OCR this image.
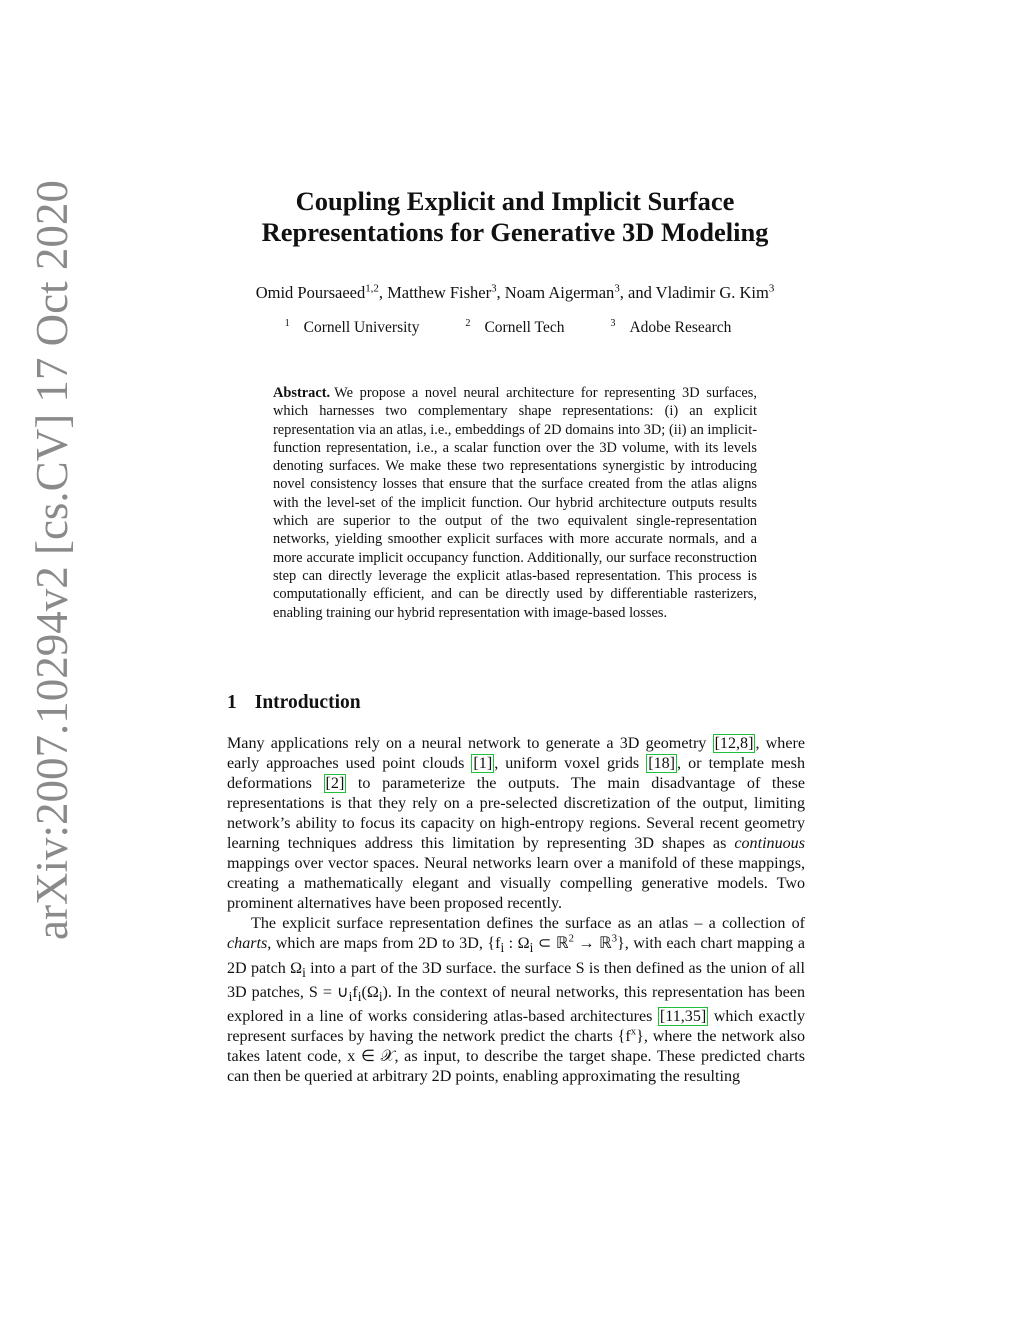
arXiv:2007.10294v2 [cs.CV] 17 Oct 2020	Coupling Explicit and Implicit Surface
Representations for Generative 3D Modeling
Omid Poursaeed$^{1,2}$, Matthew Fisher$^3$, Noam Aigerman$^3$, and Vladimir G. Kim$^3$
$^1$ Cornell University	$^2$ Cornell Tech	$^3$ Adobe Research
Abstract. We propose a novel neural architecture for representing 3D surfaces, which harnesses two complementary shape representations: (i) an explicit representation via an atlas, i.e., embeddings of 2D domains into 3D; (ii) an implicit-function representation, i.e., a scalar function over the 3D volume, with its levels denoting surfaces. We make these two representations synergistic by introducing novel consistency losses that ensure that the surface created from the atlas aligns with the level-set of the implicit function. Our hybrid architecture outputs results which are superior to the output of the two equivalent single-representation networks, yielding smoother explicit surfaces with more accurate normals, and a more accurate implicit occupancy function. Additionally, our surface reconstruction step can directly leverage the explicit atlas-based representation. This process is computationally efficient, and can be directly used by differentiable rasterizers, enabling training our hybrid representation with image-based losses.
1 Introduction

Many applications rely on a neural network to generate a 3D geometry [12,8] , where early approaches used point clouds [1] , uniform voxel grids [18] , or template mesh deformations [2] to parameterize the outputs. The main disadvantage of these representations is that they rely on a pre-selected discretization of the output, limiting network’s ability to focus its capacity on high-entropy regions. Several recent geometry learning techniques address this limitation by representing 3D shapes as continuous mappings over vector spaces. Neural networks learn over a manifold of these mappings, creating a mathematically elegant and visually compelling generative models. Two prominent alternatives have been proposed recently.

The explicit surface representation defines the surface as an atlas – a collection of charts, which are maps from 2D to 3D, {$f_i$ : $\Omega_i$ ⊂ ℝ$^2$ → ℝ$^3$}, with each chart mapping a 2D patch $\Omega_i$ into a part of the 3D surface. the surface S is then defined as the union of all 3D patches, $S = \cup_if_i(\Omega_i)$. In the context of neural networks, this representation has been explored in a line of works considering atlas-based architectures [11,35] which exactly represent surfaces by having the network predict the charts $\{f^x\}$, where the network also takes latent code, x ∈ 𝒳, as input, to describe the target shape. These predicted charts can then be queried at arbitrary 2D points, enabling approximating the resulting
